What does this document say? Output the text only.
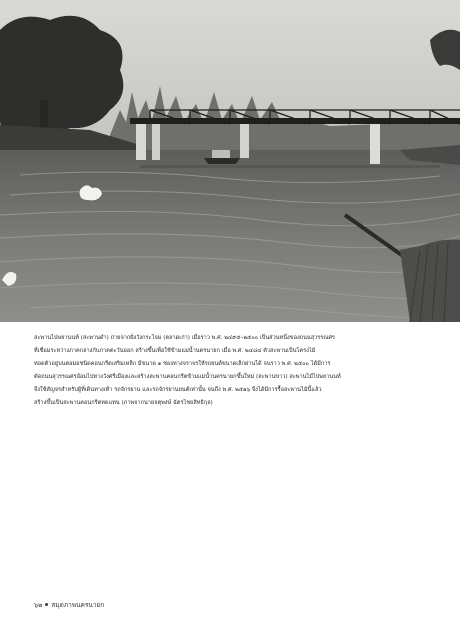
สะพานไปษยานนท์ (สะพานดำ) ถ่ายจากฝั่งวังกระโจม (ตลาดเก่า) เมื่อราว พ.ศ. ๒๔๙๕–๒๕๐๐ เป็นส่วนหนึ่งของถนนสุวรรณศร
ที่เชื่อมระหว่างภาคกลางกับภาคตะวันออก สร้างขึ้นเพื่อใช้ข้ามแม่น้ำนครนายก เมื่อ พ.ศ. ๒๔๘๔ ตัวสะพานเป็นโครงไม้
ทอดตัวอยู่บนตอม่อชนิดคอนกรีตเสริมเหล็ก มีขนาด ๑ ช่องทางจราจรให้รถยนต์ขนาดเล็กผ่านได้ จนราว พ.ศ. ๒๕๐๐ ได้มีการ
ตัดถนนสุวรรณศรอ้อมไปทางวังศรีเมืองและสร้างสะพานคอนกรีตข้ามแม่น้ำนครนายกขึ้นใหม่ (สะพานขาว) สะพานไม้ไปษยานนท์
จึงใช้สัญจรสำหรับผู้ที่เดินทางเท้า รถจักรยาน และรถจักรยานยนต์เท่านั้น จนถึง พ.ศ. ๒๕๑๖ จึงได้มีการรื้อสะพานไม้นี้แล้ว
สร้างขึ้นเป็นสะพานคอนกรีตทดแทน (ภาพจากนายจตุพงษ์ ฉัตรไชยสิทธิกุล)
๖๒ สมุดภาพนครนายก
